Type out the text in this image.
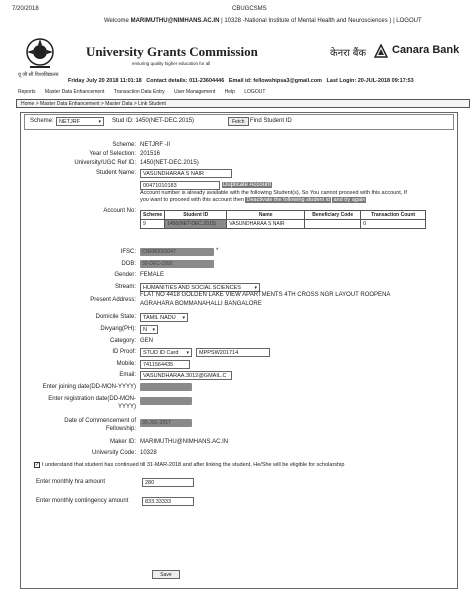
7/20/2018	CBUGCSMS
Welcome MARIMUTHU@NIMHANS.AC.IN | 10328 -National Institute of Mental Health and Neurosciences ) | LOGOUT
यू जी सी विश्वविद्यालय
University Grants Commission
ensuring quality higher education for all
केनरा बैंक Canara Bank
Friday July 20 2018 11:01:18 Contact details: 011-23604446 Email id: fellowshipsa3@gmail.com Last Login: 20-JUL-2018 09:17:53
Reports Master Data Enhancement Transaction Data Entry User Management Help LOGOUT
Home > Master Data Enhancement > Master Data > Link Student
Scheme: NETJRF ▾	Stud ID: 1450(NET-DEC.2015)	Fetch Find Student ID
Scheme: NETJRF -II
Year of Selection: 201516
University/UGC Ref ID: 1450(NET-DEC.2015)
Student Name:	VASUNDHARAA S NAIR
00471010183	Duplicate Account
Account No:
Account number is already available with the following Student(s), So You cannot proceed with this account, If you want to proceed with this account then Deactivate the following student id and try again
Scheme	Student ID	Name	Beneficiary Code	Transaction Count
9	1450(NET-DEC.2015)	VASUNDHARAA S NAIR		0
IFSC:	CNRB0003047	*
DOB:	30-DEC-1992
Gender: FEMALE
Stream:	HUMANITIES AND SOCIAL SCIENCES ▾
Present Address:
FLAT NO 4418 GOLDEN LAKE VIEW APARTMENTS 4TH CROSS NGR LAYOUT ROOPENA
AGRAHARA BOMMANAHALLI BANGALORE
Domicile State:	TAMIL NADU ▾
Divyang(PH):	N ▾
Category: GEN
ID Proof:	STUD ID Card ▾	MPPSW201714
Mobile:	7411564435
Email:	VASUNDHARAA.3012@GMAIL.C
Enter joining date(DD-MON-YYYY)
Enter registration date(DD-MON-
YYYY)
Date of Commencement of
Fellowship:
30-JUL-2017
Maker ID: MARIMUTHU@NIMHANS.AC.IN
University Code: 10328
✓ I understand that student has continued till 31-MAR-2018 and after linking the student, He/She will be eligible for scholarship
Enter monthly hra amount	280
Enter monthly contingency amount	833.33333
Save
